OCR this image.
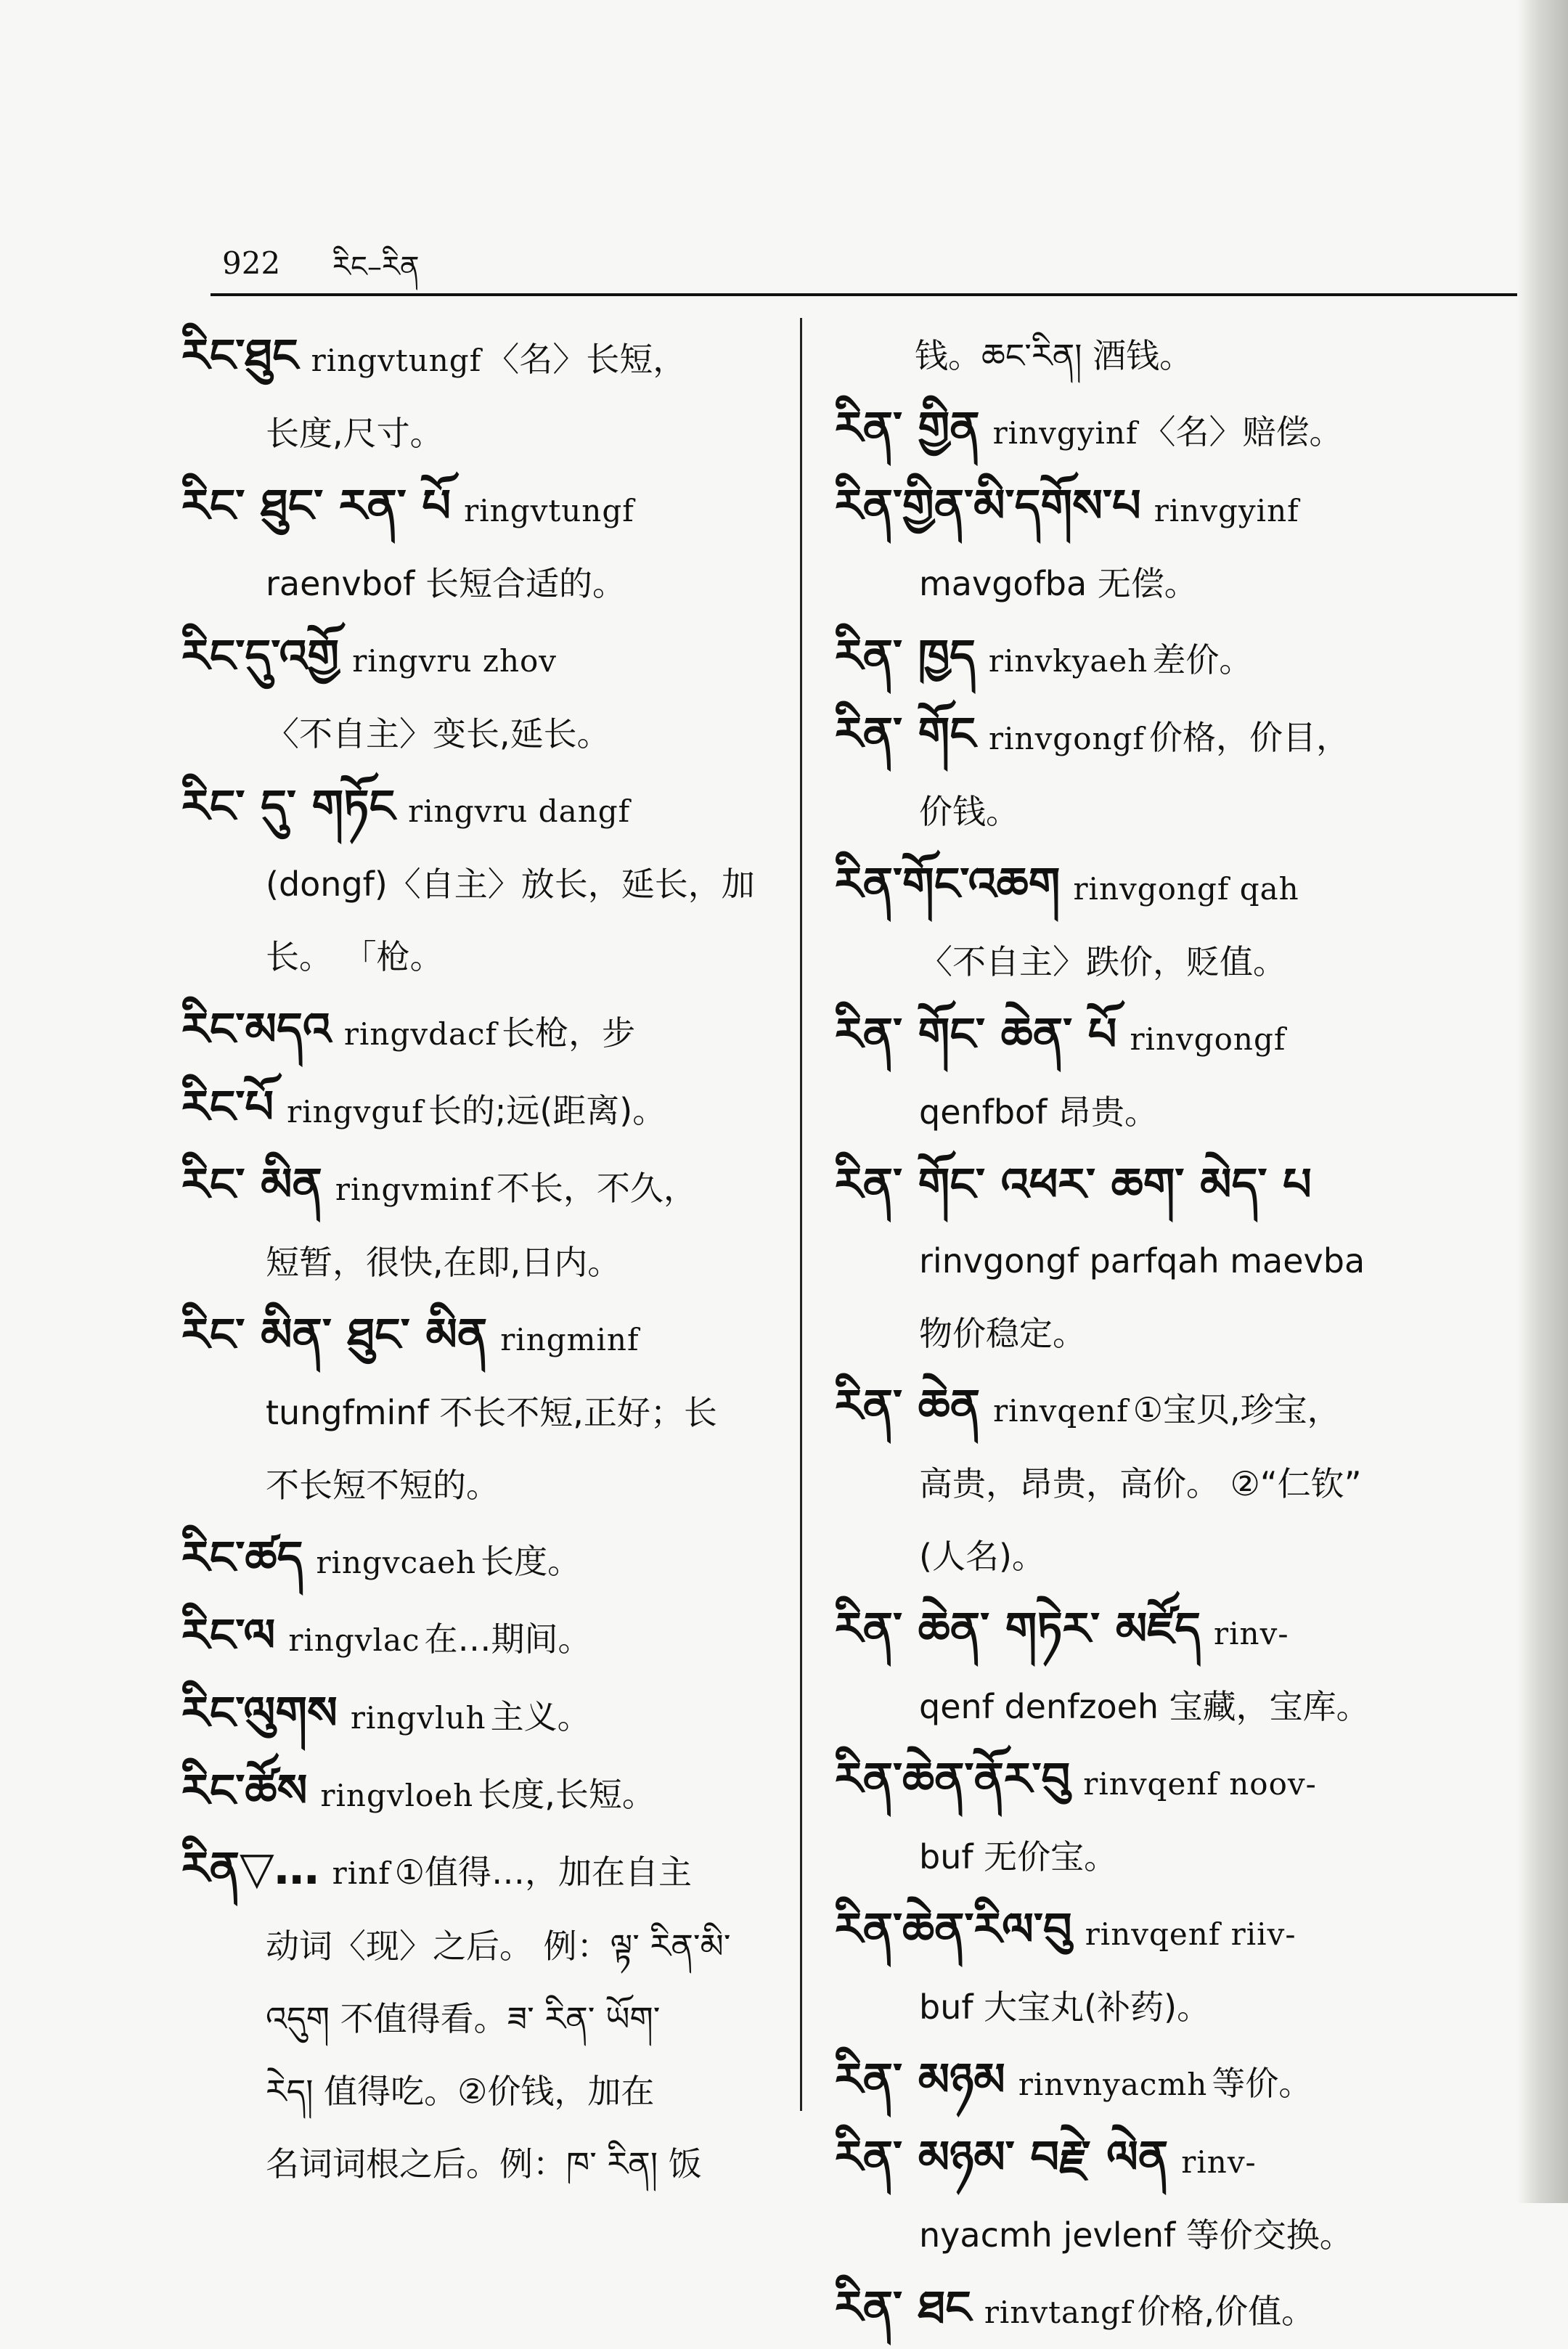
922 རིང–རིན
རིང་ཐུང ringvtungf 〈名〉长短，
长度,尺寸。
རིང་ ཐུང་ རན་ པོ ringvtungf
raenvbof 长短合适的。
རིང་དུ་འགྱོ ringvru zhov
〈不自主〉变长,延长。
རིང་ དུ་ གཏོང ringvru dangf
(dongf)〈自主〉放长，延长，加
长。 「枪。
རིང་མདའ ringvdacf 长枪，步
རིང་པོ ringvguf 长的;远(距离)。
རིང་ མིན ringvminf 不长，不久，
短暂，很快,在即,日内。
རིང་ མིན་ ཐུང་ མིན ringminf
tungfminf 不长不短,正好；长
不长短不短的。
རིང་ཚད ringvcaeh 长度。
རིང་ལ ringvlac 在…期间。
རིང་ལུགས ringvluh 主义。
རིང་ཚོས ringvloeh 长度,长短。
རིན▽… rinf ①值得…，加在自主
动词〈现〉之后。 例：ལྟ་ རིན་མི་
འདུག 不值得看。ཟ་ རིན་ ཡོག་
རེད། 值得吃。②价钱，加在
名词词根之后。例：ཁ་ རིན། 饭
钱。ཆང་རིན། 酒钱。
རིན་ གྱིན rinvgyinf 〈名〉赔偿。
རིན་གྱིན་མི་དགོས་པ rinvgyinf
mavgofba 无偿。
རིན་ ཁྱད rinvkyaeh 差价。
རིན་ གོང rinvgongf 价格，价目，
价钱。
རིན་གོང་འཆག rinvgongf qah
〈不自主〉跌价，贬值。
རིན་ གོང་ ཆེན་ པོ rinvgongf
qenfbof 昂贵。
རིན་ གོང་ འཕར་ ཆག་ མེད་ པ
rinvgongf parfqah maevba
物价稳定。
རིན་ ཆེན rinvqenf ①宝贝,珍宝，
高贵，昂贵，高价。 ②“仁钦”
(人名)。
རིན་ ཆེན་ གཏེར་ མཛོད rinv-
qenf denfzoeh 宝藏，宝库。
རིན་ཆེན་ནོར་བུ rinvqenf noov-
buf 无价宝。
རིན་ཆེན་རིལ་བུ rinvqenf riiv-
buf 大宝丸(补药)。
རིན་ མཉམ rinvnyacmh 等价。
རིན་ མཉམ་ བརྗེ་ ལེན rinv-
nyacmh jevlenf 等价交换。
རིན་ ཐང rinvtangf 价格,价值。
